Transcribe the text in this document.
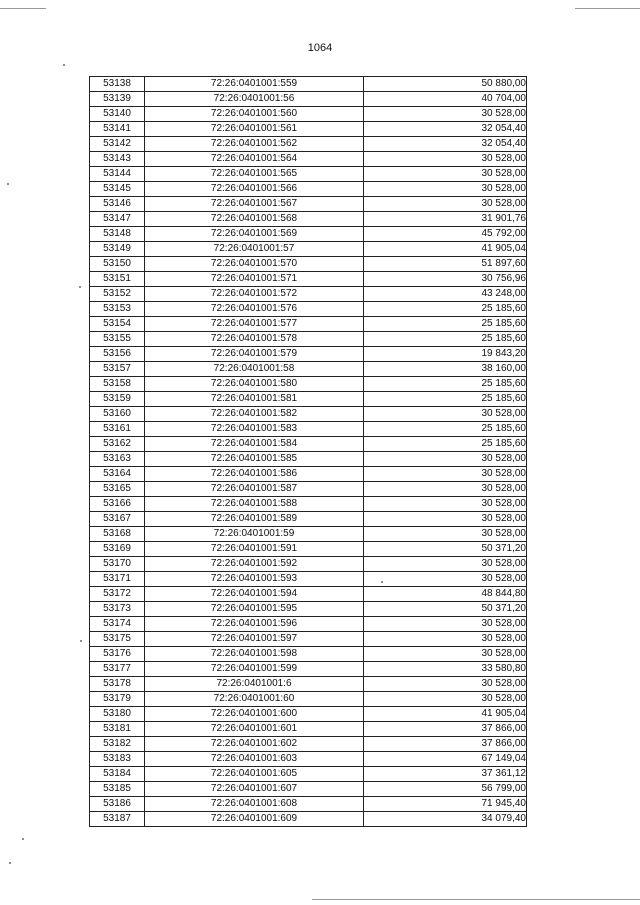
1064
53138	72:26:0401001:559	50 880,00
53139	72:26:0401001:56	40 704,00
53140	72:26:0401001:560	30 528,00
53141	72:26:0401001:561	32 054,40
53142	72:26:0401001:562	32 054,40
53143	72:26:0401001:564	30 528,00
53144	72:26:0401001:565	30 528,00
53145	72:26:0401001:566	30 528,00
53146	72:26:0401001:567	30 528,00
53147	72:26:0401001:568	31 901,76
53148	72:26:0401001:569	45 792,00
53149	72:26:0401001:57	41 905,04
53150	72:26:0401001:570	51 897,60
53151	72:26:0401001:571	30 756,96
53152	72:26:0401001:572	43 248,00
53153	72:26:0401001:576	25 185,60
53154	72:26:0401001:577	25 185,60
53155	72:26:0401001:578	25 185,60
53156	72:26:0401001:579	19 843,20
53157	72:26:0401001:58	38 160,00
53158	72:26:0401001:580	25 185,60
53159	72:26:0401001:581	25 185,60
53160	72:26:0401001:582	30 528,00
53161	72:26:0401001:583	25 185,60
53162	72:26:0401001:584	25 185,60
53163	72:26:0401001:585	30 528,00
53164	72:26:0401001:586	30 528,00
53165	72:26:0401001:587	30 528,00
53166	72:26:0401001:588	30 528,00
53167	72:26:0401001:589	30 528,00
53168	72:26:0401001:59	30 528,00
53169	72:26:0401001:591	50 371,20
53170	72:26:0401001:592	30 528,00
53171	72:26:0401001:593	30 528,00
53172	72:26:0401001:594	48 844,80
53173	72:26:0401001:595	50 371,20
53174	72:26:0401001:596	30 528,00
53175	72:26:0401001:597	30 528,00
53176	72:26:0401001:598	30 528,00
53177	72:26:0401001:599	33 580,80
53178	72:26:0401001:6	30 528,00
53179	72:26:0401001:60	30 528,00
53180	72:26:0401001:600	41 905,04
53181	72:26:0401001:601	37 866,00
53182	72:26:0401001:602	37 866,00
53183	72:26:0401001:603	67 149,04
53184	72:26:0401001:605	37 361,12
53185	72:26:0401001:607	56 799,00
53186	72:26:0401001:608	71 945,40
53187	72:26:0401001:609	34 079,40
